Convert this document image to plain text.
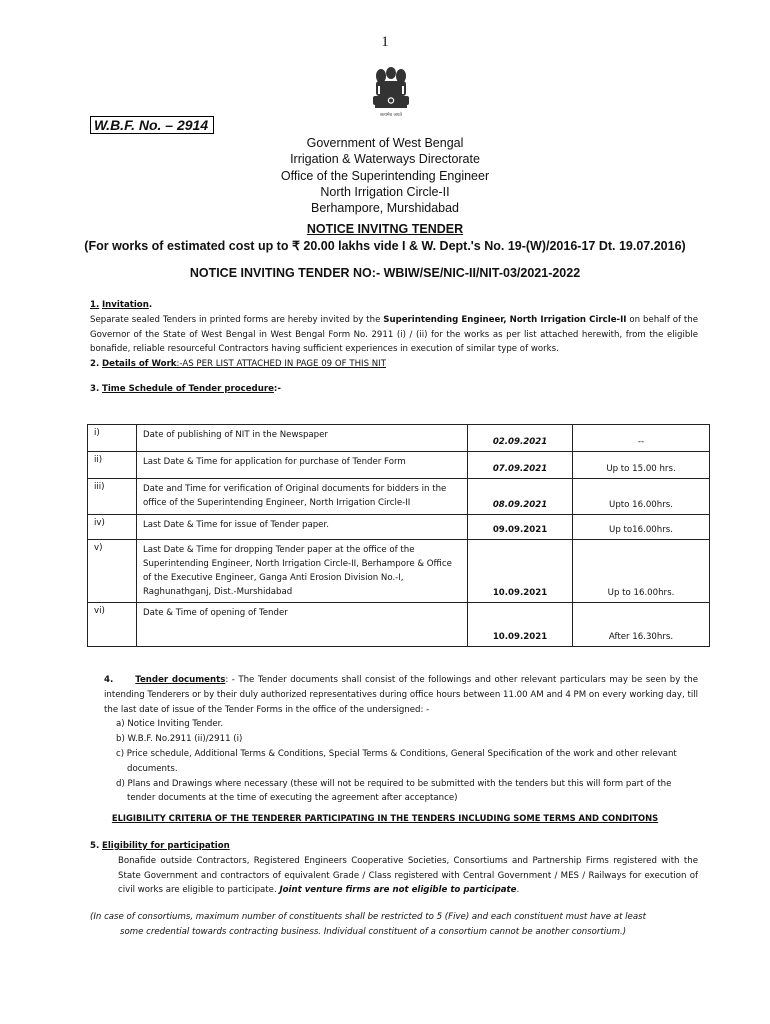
1
सत्यमेव जयते
W.B.F. No. – 2914
Government of West Bengal
Irrigation & Waterways Directorate
Office of the Superintending Engineer
North Irrigation Circle-II
Berhampore, Murshidabad
NOTICE INVITNG TENDER
(For works of estimated cost up to ₹ 20.00 lakhs vide I & W. Dept.'s No. 19-(W)/2016-17 Dt. 19.07.2016)
NOTICE INVITING TENDER NO:- WBIW/SE/NIC-II/NIT-03/2021-2022

1. Invitation.

Separate sealed Tenders in printed forms are hereby invited by the Superintending Engineer, North Irrigation Circle-II on behalf of the Governor of the State of West Bengal in West Bengal Form No. 2911 (i) / (ii) for the works as per list attached herewith, from the eligible bonafide, reliable resourceful Contractors having sufficient experiences in execution of similar type of works.

2. Details of Work:-AS PER LIST ATTACHED IN PAGE 09 OF THIS NIT

3. Time Schedule of Tender procedure:-

i)	Date of publishing of NIT in the Newspaper	02.09.2021	--
ii)	Last Date & Time for application for purchase of Tender Form	07.09.2021	Up to 15.00 hrs.
iii)	Date and Time for verification of Original documents for bidders in the office of the Superintending Engineer, North Irrigation Circle-II	08.09.2021	Upto 16.00hrs.
iv)	Last Date & Time for issue of Tender paper.	09.09.2021	Up to16.00hrs.
v)	Last Date & Time for dropping Tender paper at the office of the Superintending Engineer, North Irrigation Circle-II, Berhampore & Office of the Executive Engineer, Ganga Anti Erosion Division No.-I, Raghunathganj, Dist.-Murshidabad	10.09.2021	Up to 16.00hrs.
vi)	Date & Time of opening of Tender	10.09.2021	After 16.30hrs.

4.	Tender documents: - The Tender documents shall consist of the followings and other relevant particulars may be seen by the intending Tenderers or by their duly authorized representatives during office hours between 11.00 AM and 4 PM on every working day, till the last date of issue of the Tender Forms in the office of the undersigned: -

a) Notice Inviting Tender.
b) W.B.F. No.2911 (ii)/2911 (i)
c) Price schedule, Additional Terms & Conditions, Special Terms & Conditions, General Specification of the work and other relevant documents.
d) Plans and Drawings where necessary (these will not be required to be submitted with the tenders but this will form part of the tender documents at the time of executing the agreement after acceptance)
ELIGIBILITY CRITERIA OF THE TENDERER PARTICIPATING IN THE TENDERS INCLUDING SOME TERMS AND CONDITONS

5. Eligibility for participation

Bonafide outside Contractors, Registered Engineers Cooperative Societies, Consortiums and Partnership Firms registered with the State Government and contractors of equivalent Grade / Class registered with Central Government / MES / Railways for execution of civil works are eligible to participate. Joint venture firms are not eligible to participate.

(In case of consortiums, maximum number of constituents shall be restricted to 5 (Five) and each constituent must have at least

some credential towards contracting business. Individual constituent of a consortium cannot be another consortium.)
